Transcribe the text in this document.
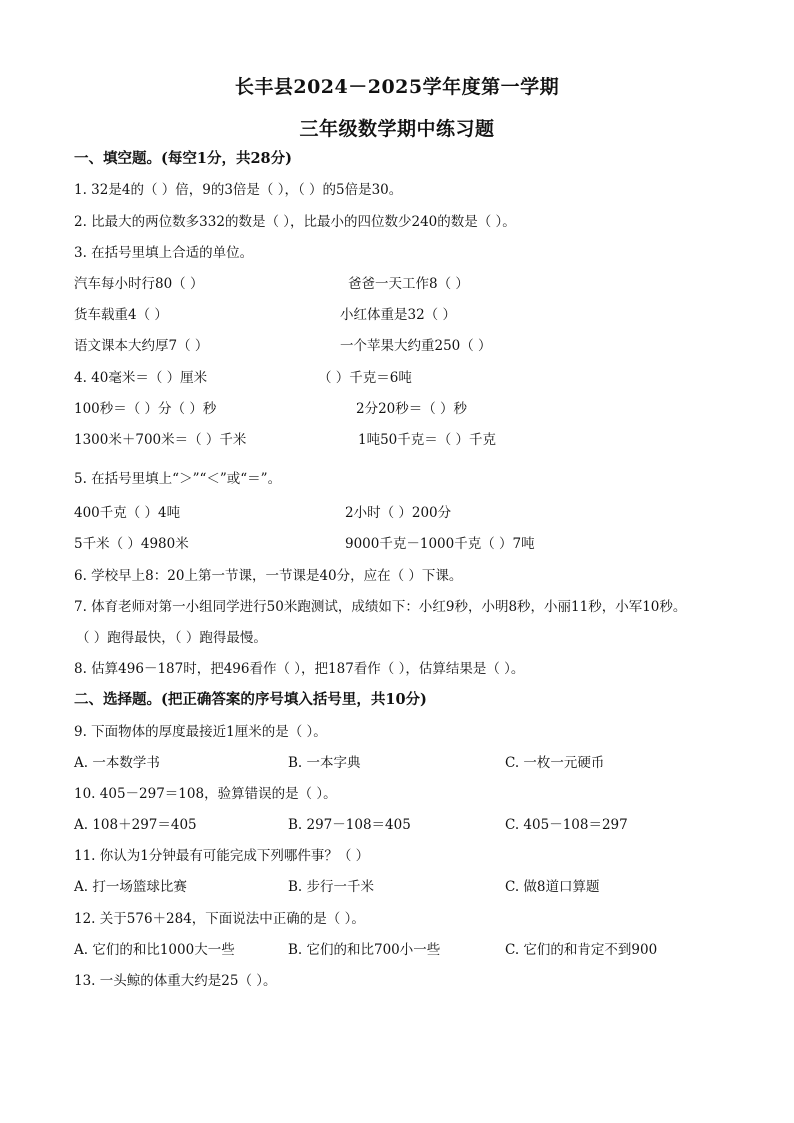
长丰县2024－2025学年度第一学期
三年级数学期中练习题
一、填空题。(每空1分，共28分)
1. 32是4的（ ）倍，9的3倍是（ ），（ ）的5倍是30。
2. 比最大的两位数多332的数是（ ），比最小的四位数少240的数是（ ）。
3. 在括号里填上合适的单位。
汽车每小时行80（ ）	爸爸一天工作8（ ）
货车载重4（ ）	小红体重是32（ ）
语文课本大约厚7（ ）	一个苹果大约重250（ ）
4. 40毫米＝（ ）厘米	（ ）千克＝6吨
100秒＝（ ）分（ ）秒	2分20秒＝（ ）秒
1300米＋700米＝（ ）千米	1吨50千克＝（ ）千克
5. 在括号里填上“＞”“＜”或“＝”。
400千克（ ）4吨	2小时（ ）200分
5千米（ ）4980米	9000千克－1000千克（ ）7吨
6. 学校早上8：20上第一节课，一节课是40分，应在（ ）下课。
7. 体育老师对第一小组同学进行50米跑测试，成绩如下：小红9秒，小明8秒，小丽11秒，小军10秒。
（ ）跑得最快，（ ）跑得最慢。
8. 估算496－187时，把496看作（ ），把187看作（ ），估算结果是（ ）。
二、选择题。(把正确答案的序号填入括号里，共10分)
9. 下面物体的厚度最接近1厘米的是（ ）。
A. 一本数学书	B. 一本字典	C. 一枚一元硬币
10. 405－297＝108，验算错误的是（ ）。
A. 108＋297＝405	B. 297－108＝405	C. 405－108＝297
11. 你认为1分钟最有可能完成下列哪件事？（ ）
A. 打一场篮球比赛	B. 步行一千米	C. 做8道口算题
12. 关于576＋284，下面说法中正确的是（ ）。
A. 它们的和比1000大一些	B. 它们的和比700小一些	C. 它们的和肯定不到900
13. 一头鲸的体重大约是25（ ）。
